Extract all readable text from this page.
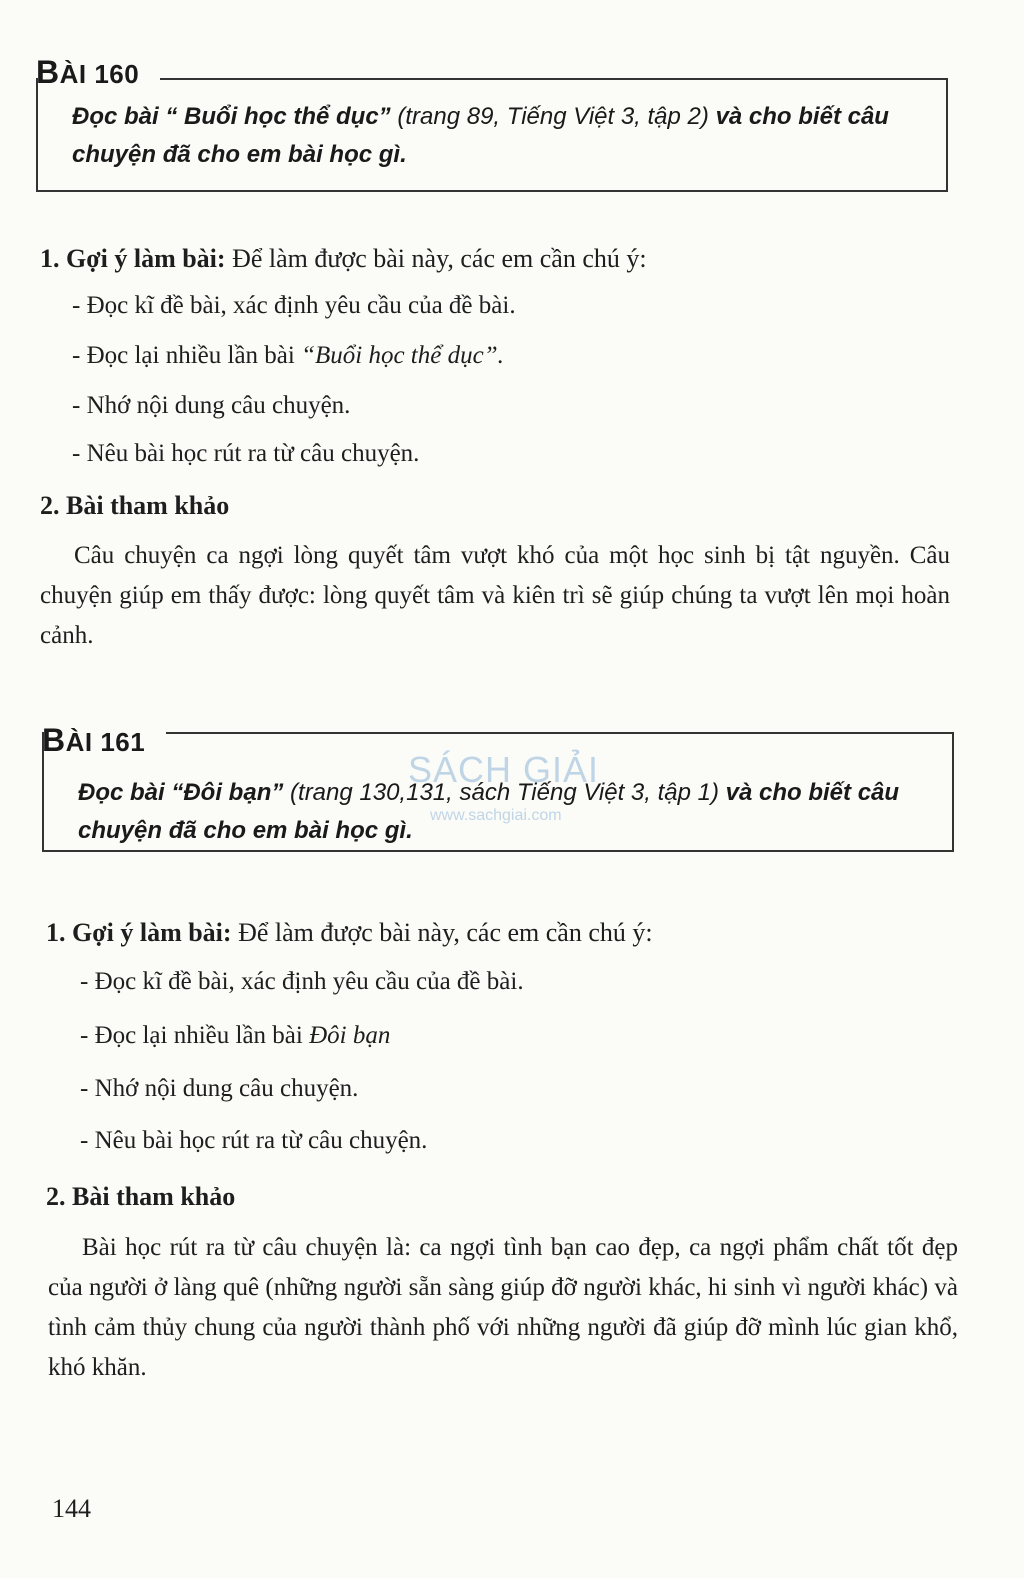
BÀI 160
Đọc bài “ Buổi học thể dục” (trang 89, Tiếng Việt 3, tập 2) và cho biết câu chuyện đã cho em bài học gì.
1. Gợi ý làm bài: Để làm được bài này, các em cần chú ý:
- Đọc kĩ đề bài, xác định yêu cầu của đề bài.
- Đọc lại nhiều lần bài “Buổi học thể dục”.
- Nhớ nội dung câu chuyện.
- Nêu bài học rút ra từ câu chuyện.
2. Bài tham khảo
Câu chuyện ca ngợi lòng quyết tâm vượt khó của một học sinh bị tật nguyền. Câu chuyện giúp em thấy được: lòng quyết tâm và kiên trì sẽ giúp chúng ta vượt lên mọi hoàn cảnh.
BÀI 161
Đọc bài “Đôi bạn” (trang 130,131, sách Tiếng Việt 3, tập 1) và cho biết câu chuyện đã cho em bài học gì.
1. Gợi ý làm bài: Để làm được bài này, các em cần chú ý:
- Đọc kĩ đề bài, xác định yêu cầu của đề bài.
- Đọc lại nhiều lần bài Đôi bạn
- Nhớ nội dung câu chuyện.
- Nêu bài học rút ra từ câu chuyện.
2. Bài tham khảo
Bài học rút ra từ câu chuyện là: ca ngợi tình bạn cao đẹp, ca ngợi phẩm chất tốt đẹp của người ở làng quê (những người sẵn sàng giúp đỡ người khác, hi sinh vì người khác) và tình cảm thủy chung của người thành phố với những người đã giúp đỡ mình lúc gian khổ, khó khăn.
SÁCH GIẢI
www.sachgiai.com
144
